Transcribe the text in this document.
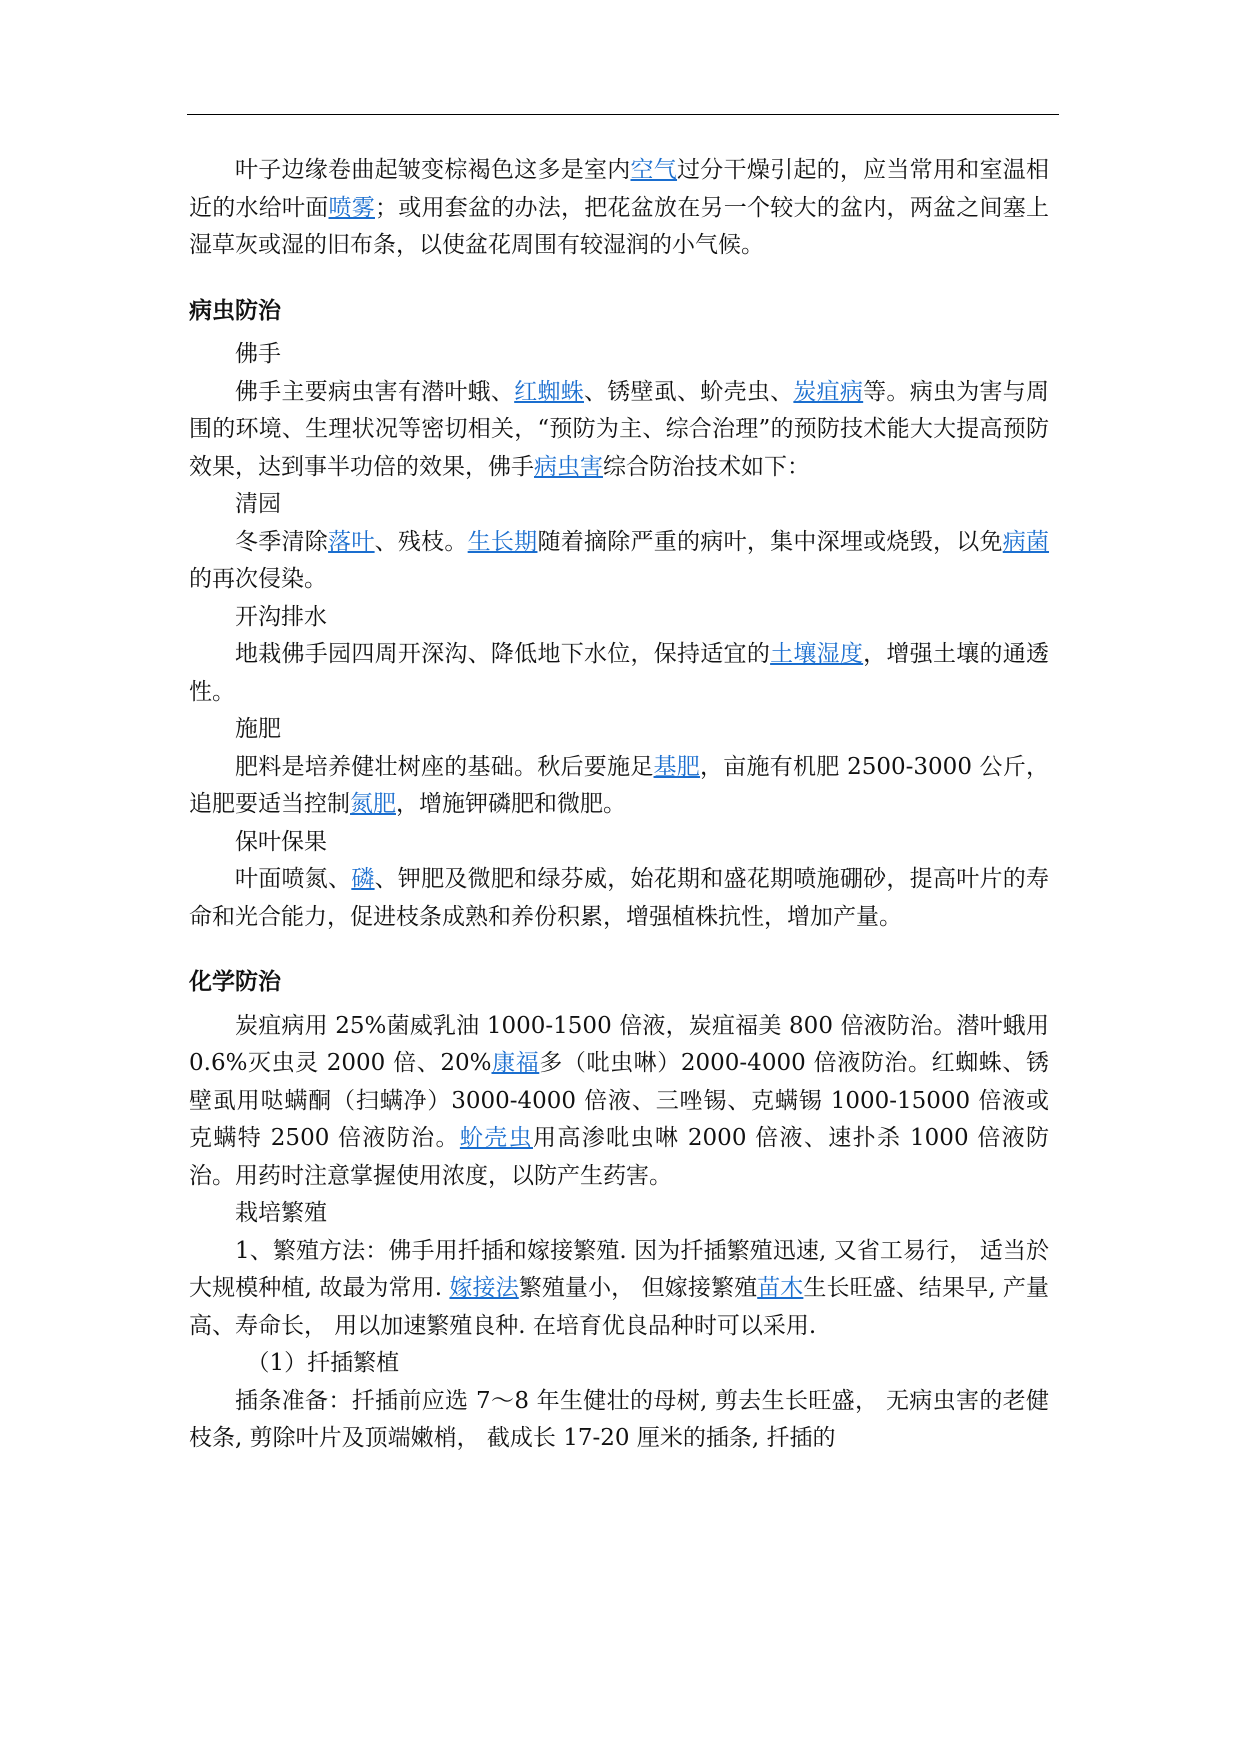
叶子边缘卷曲起皱变棕褐色这多是室内空气过分干燥引起的，应当常用和室温相近的水给叶面喷雾；或用套盆的办法，把花盆放在另一个较大的盆内，两盆之间塞上湿草灰或湿的旧布条，以使盆花周围有较湿润的小气候。

病虫防治

佛手

佛手主要病虫害有潜叶蛾、红蜘蛛、锈壁虱、蚧壳虫、炭疽病等。病虫为害与周围的环境、生理状况等密切相关，“预防为主、综合治理”的预防技术能大大提高预防效果，达到事半功倍的效果，佛手病虫害综合防治技术如下：

清园

冬季清除落叶、残枝。生长期随着摘除严重的病叶，集中深埋或烧毁，以免病菌的再次侵染。

开沟排水

地栽佛手园四周开深沟、降低地下水位，保持适宜的土壤湿度，增强土壤的通透性。

施肥

肥料是培养健壮树座的基础。秋后要施足基肥，亩施有机肥 2500-3000 公斤，追肥要适当控制氮肥，增施钾磷肥和微肥。

保叶保果

叶面喷氮、磷、钾肥及微肥和绿芬威，始花期和盛花期喷施硼砂，提高叶片的寿命和光合能力，促进枝条成熟和养份积累，增强植株抗性，增加产量。

化学防治

炭疽病用 25%菌威乳油 1000-1500 倍液，炭疽福美 800 倍液防治。潜叶蛾用 0.6%灭虫灵 2000 倍、20%康福多（吡虫啉）2000-4000 倍液防治。红蜘蛛、锈壁虱用哒螨酮（扫螨净）3000-4000 倍液、三唑锡、克螨锡 1000-15000 倍液或克螨特 2500 倍液防治。蚧壳虫用高渗吡虫啉 2000 倍液、速扑杀 1000 倍液防治。用药时注意掌握使用浓度，以防产生药害。

栽培繁殖

1、繁殖方法：佛手用扦插和嫁接繁殖. 因为扦插繁殖迅速, 又省工易行， 适当於大规模种植, 故最为常用. 嫁接法繁殖量小， 但嫁接繁殖苗木生长旺盛、结果早, 产量高、寿命长， 用以加速繁殖良种. 在培育优良品种时可以采用.

（1）扦插繁植

插条准备：扦插前应选 7～8 年生健壮的母树, 剪去生长旺盛， 无病虫害的老健枝条, 剪除叶片及顶端嫩梢， 截成长 17-20 厘米的插条, 扦插的
